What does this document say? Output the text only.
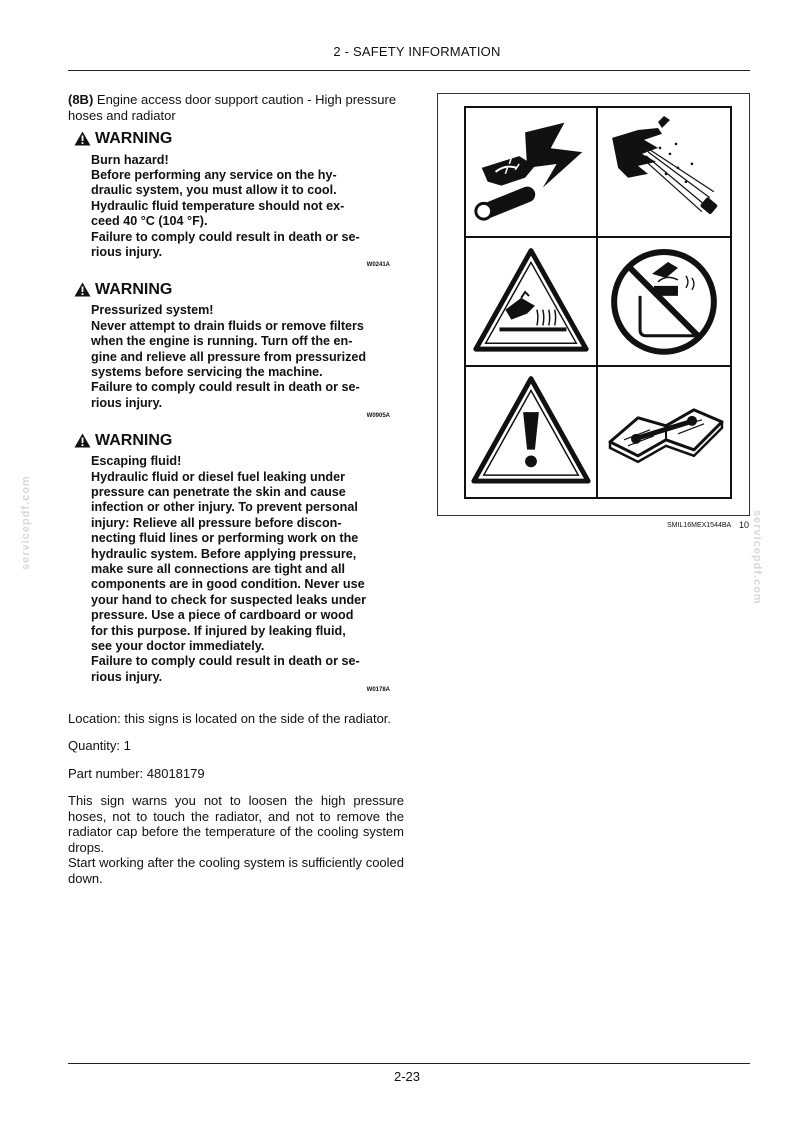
2 - SAFETY INFORMATION
servicepdf.com	servicepdf.com
(8B) Engine access door support caution - High pressure hoses and radiator
WARNING
Burn hazard!
Before performing any service on the hy-
draulic system, you must allow it to cool.
Hydraulic fluid temperature should not ex-
ceed 40 °C (104 °F).
Failure to comply could result in death or se-
rious injury.
W0241A
WARNING
Pressurized system!
Never attempt to drain fluids or remove filters
when the engine is running. Turn off the en-
gine and relieve all pressure from pressurized
systems before servicing the machine.
Failure to comply could result in death or se-
rious injury.
W0905A
WARNING
Escaping fluid!
Hydraulic fluid or diesel fuel leaking under
pressure can penetrate the skin and cause
infection or other injury. To prevent personal
injury: Relieve all pressure before discon-
necting fluid lines or performing work on the
hydraulic system. Before applying pressure,
make sure all connections are tight and all
components are in good condition. Never use
your hand to check for suspected leaks under
pressure. Use a piece of cardboard or wood
for this purpose. If injured by leaking fluid,
see your doctor immediately.
Failure to comply could result in death or se-
rious injury.
W0178A
Location: this signs is located on the side of the radiator.
Quantity: 1
Part number: 48018179
This sign warns you not to loosen the high pressure hoses, not to touch the radiator, and not to remove the radiator cap before the temperature of the cooling system drops.
Start working after the cooling system is sufficiently cooled down.
SMIL16MEX1544BA 10
2-23
